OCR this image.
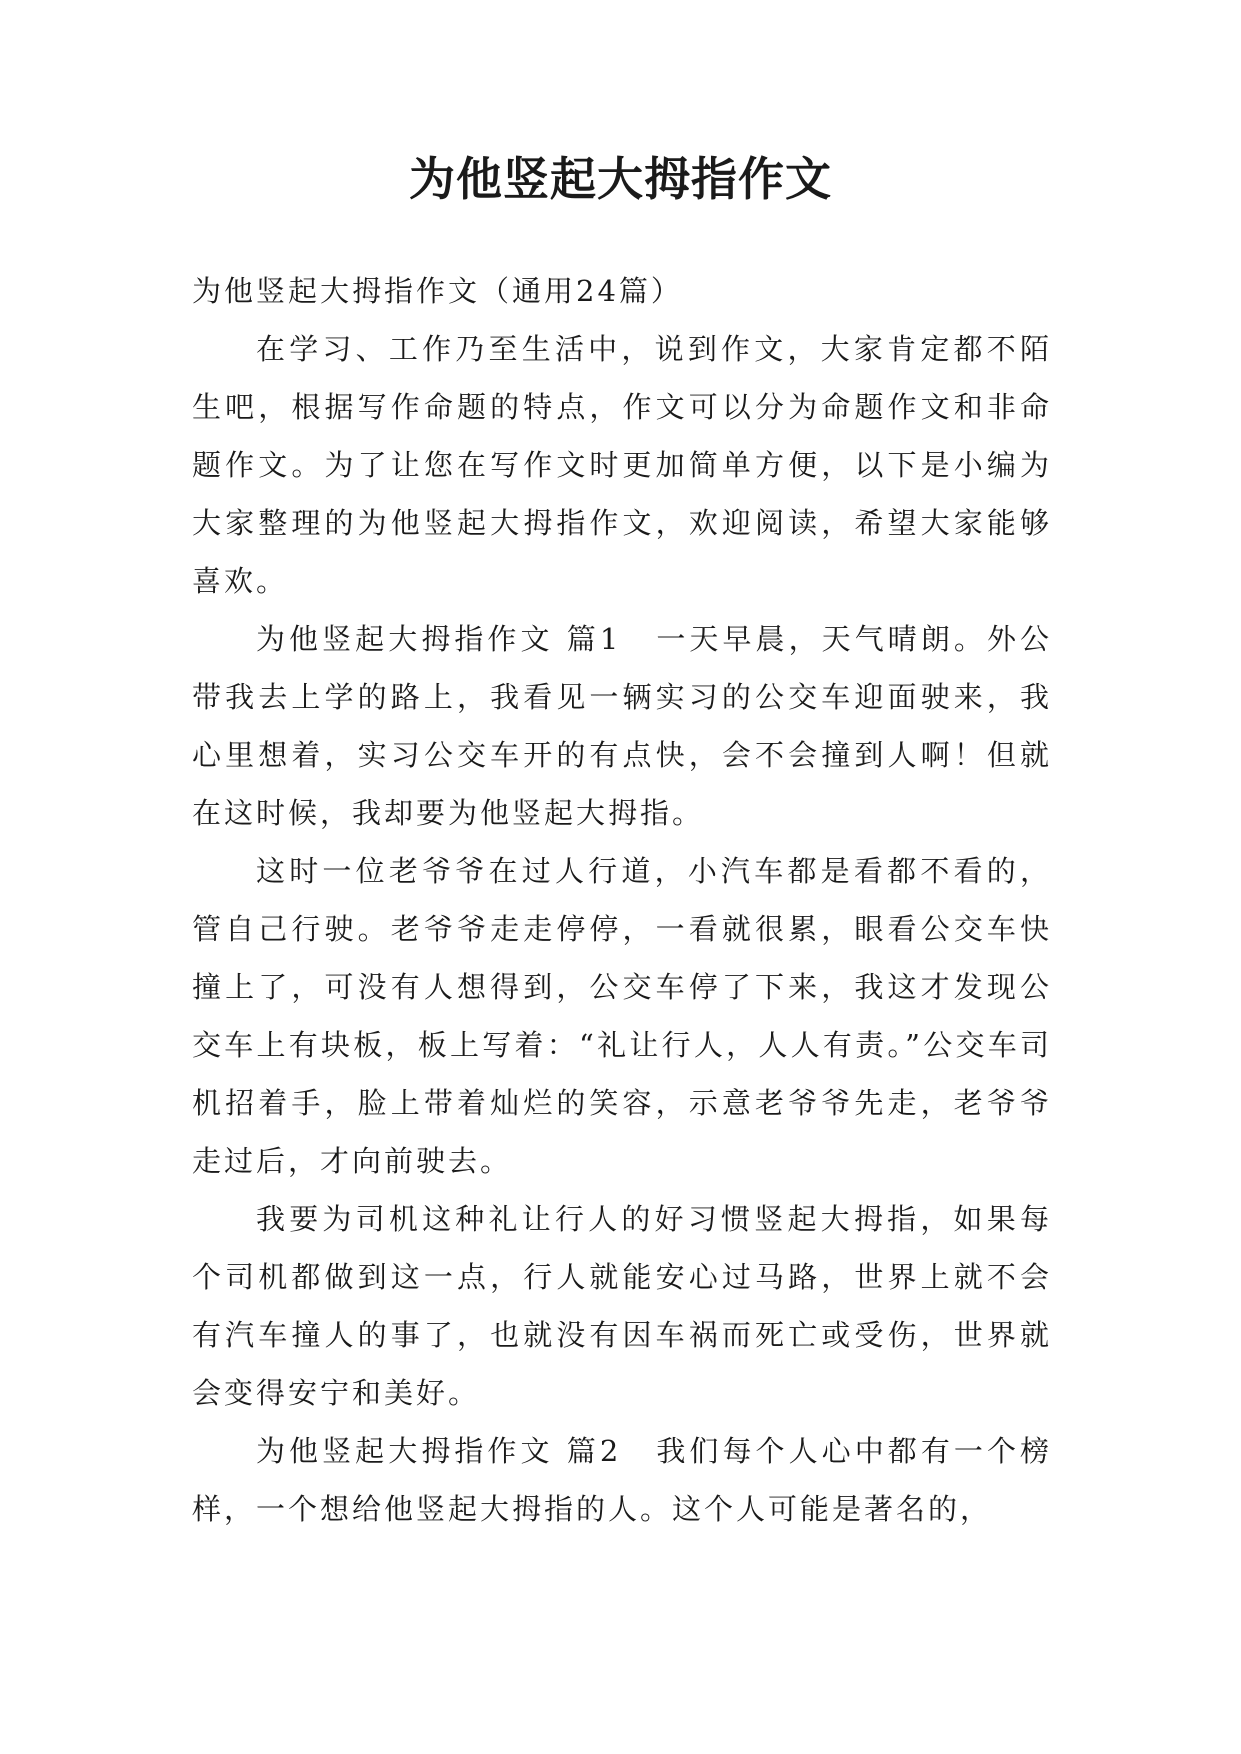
为他竖起大拇指作文

为他竖起大拇指作文（通用24篇）

在学习、工作乃至生活中，说到作文，大家肯定都不陌生吧，根据写作命题的特点，作文可以分为命题作文和非命题作文。为了让您在写作文时更加简单方便，以下是小编为大家整理的为他竖起大拇指作文，欢迎阅读，希望大家能够喜欢。

为他竖起大拇指作文 篇1 一天早晨，天气晴朗。外公带我去上学的路上，我看见一辆实习的公交车迎面驶来，我心里想着，实习公交车开的有点快，会不会撞到人啊！但就在这时候，我却要为他竖起大拇指。

这时一位老爷爷在过人行道，小汽车都是看都不看的，管自己行驶。老爷爷走走停停，一看就很累，眼看公交车快撞上了，可没有人想得到，公交车停了下来，我这才发现公交车上有块板，板上写着：“礼让行人，人人有责。”公交车司机招着手，脸上带着灿烂的笑容，示意老爷爷先走，老爷爷走过后，才向前驶去。

我要为司机这种礼让行人的好习惯竖起大拇指，如果每个司机都做到这一点，行人就能安心过马路，世界上就不会有汽车撞人的事了，也就没有因车祸而死亡或受伤，世界就会变得安宁和美好。

为他竖起大拇指作文 篇2 我们每个人心中都有一个榜样，一个想给他竖起大拇指的人。这个人可能是著名的，
